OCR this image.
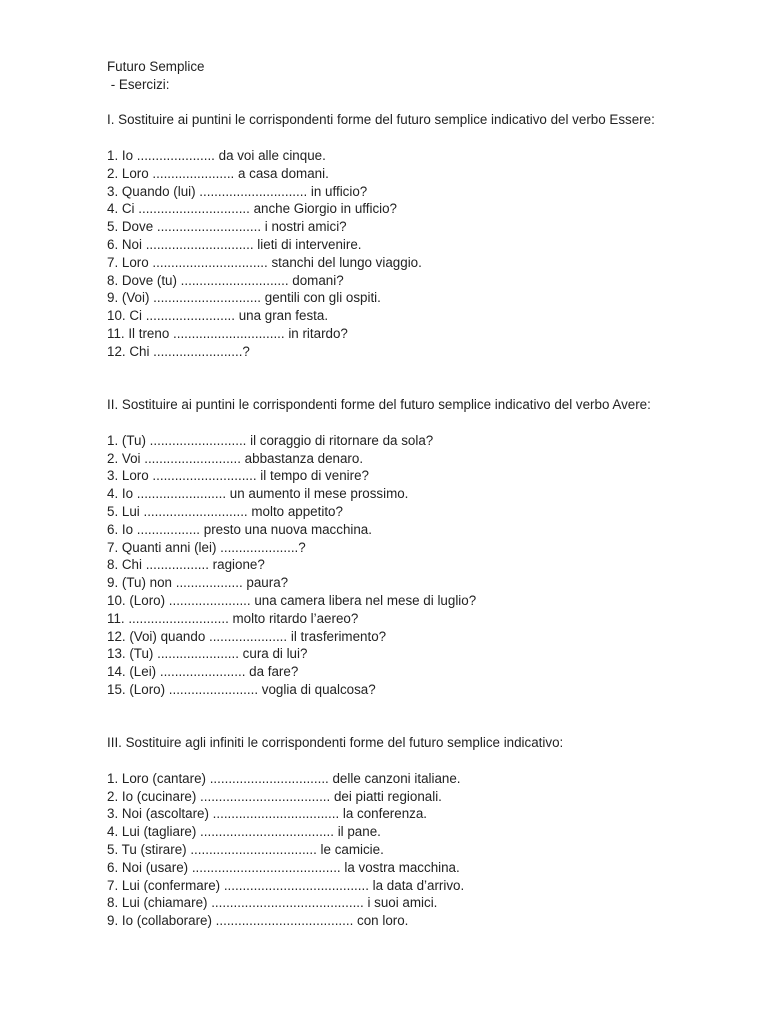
Futuro Semplice
- Esercizi:
I. Sostituire ai puntini le corrispondenti forme del futuro semplice indicativo del verbo Essere:
1. Io ..................... da voi alle cinque.
2. Loro ...................... a casa domani.
3. Quando (lui) ............................. in ufficio?
4. Ci .............................. anche Giorgio in ufficio?
5. Dove ............................ i nostri amici?
6. Noi ............................. lieti di intervenire.
7. Loro ............................... stanchi del lungo viaggio.
8. Dove (tu) ............................. domani?
9. (Voi) ............................. gentili con gli ospiti.
10. Ci ........................ una gran festa.
11. Il treno .............................. in ritardo?
12. Chi ........................?
II. Sostituire ai puntini le corrispondenti forme del futuro semplice indicativo del verbo Avere:
1. (Tu) .......................... il coraggio di ritornare da sola?
2. Voi .......................... abbastanza denaro.
3. Loro ............................ il tempo di venire?
4. Io ........................ un aumento il mese prossimo.
5. Lui ............................ molto appetito?
6. Io ................. presto una nuova macchina.
7. Quanti anni (lei) .....................?
8. Chi ................. ragione?
9. (Tu) non .................. paura?
10. (Loro) ...................... una camera libera nel mese di luglio?
11. ........................... molto ritardo l’aereo?
12. (Voi) quando ..................... il trasferimento?
13. (Tu) ...................... cura di lui?
14. (Lei) ....................... da fare?
15. (Loro) ........................ voglia di qualcosa?
III. Sostituire agli infiniti le corrispondenti forme del futuro semplice indicativo:
1. Loro (cantare) ................................ delle canzoni italiane.
2. Io (cucinare) ................................... dei piatti regionali.
3. Noi (ascoltare) .................................. la conferenza.
4. Lui (tagliare) .................................... il pane.
5. Tu (stirare) .................................. le camicie.
6. Noi (usare) ........................................ la vostra macchina.
7. Lui (confermare) ....................................... la data d’arrivo.
8. Lui (chiamare) ......................................... i suoi amici.
9. Io (collaborare) ..................................... con loro.
